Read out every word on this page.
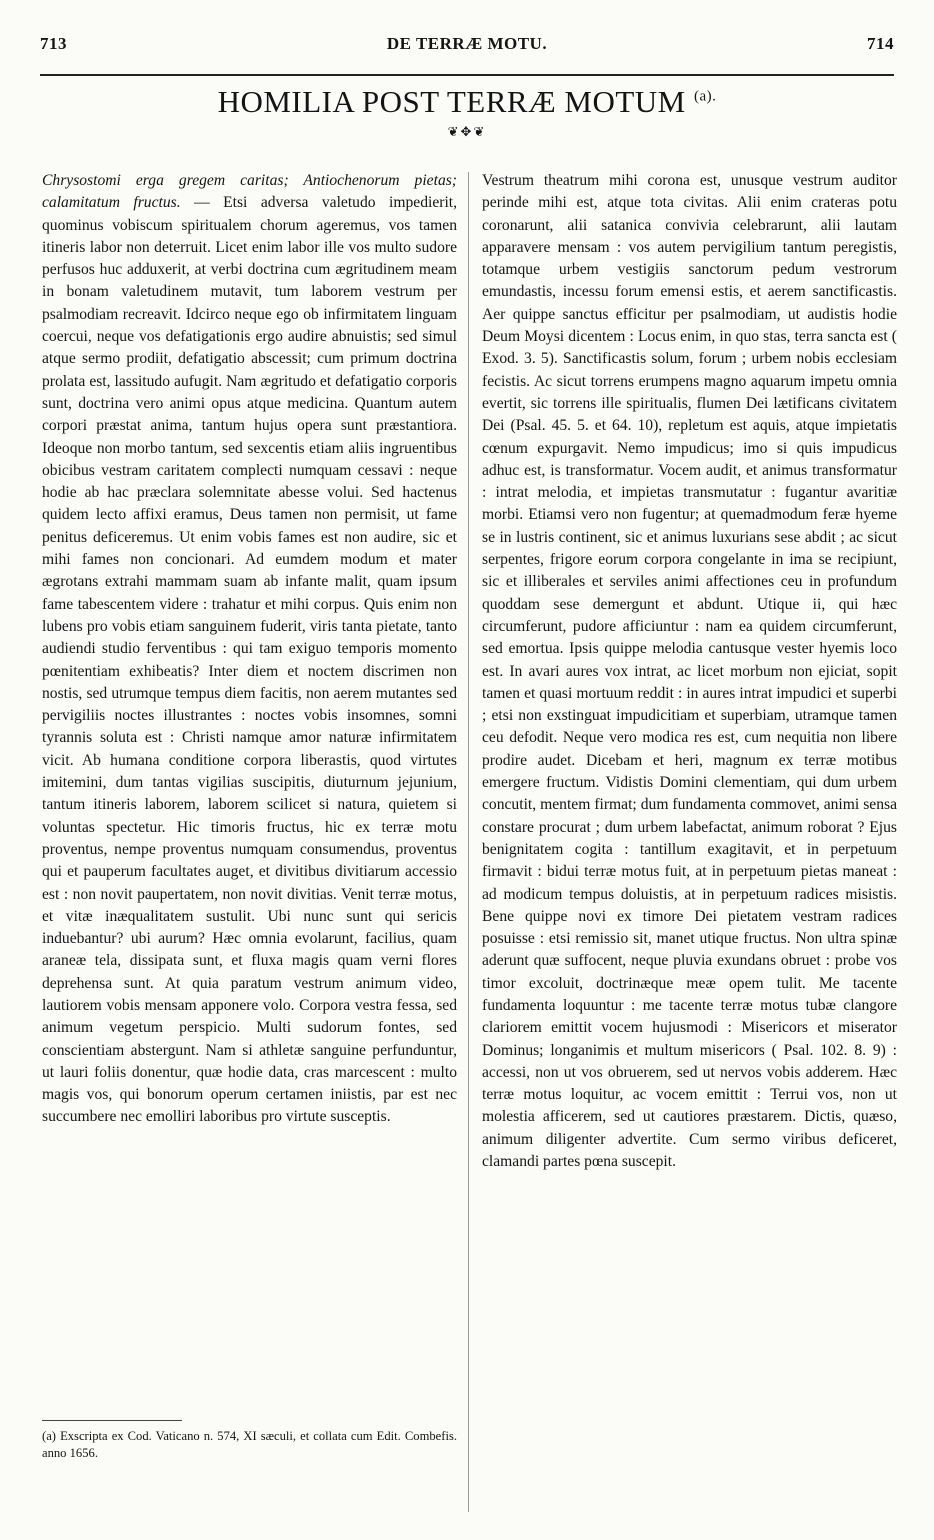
713	DE TERRÆ MOTU.	714
HOMILIA POST TERRÆ MOTUM $^{(a).}$
❦✥❦

Chrysostomi erga gregem caritas; Antiochenorum pietas; calamitatum fructus. — Etsi adversa valetudo impedierit, quominus vobiscum spiritualem chorum ageremus, vos tamen itineris labor non deterruit. Licet enim labor ille vos multo sudore perfusos huc adduxerit, at verbi doctrina cum ægritudinem meam in bonam valetudinem mutavit, tum laborem vestrum per psalmodiam recreavit. Idcirco neque ego ob infirmitatem linguam coercui, neque vos defatigationis ergo audire abnuistis; sed simul atque sermo prodiit, defatigatio abscessit; cum primum doctrina prolata est, lassitudo aufugit. Nam ægritudo et defatigatio corporis sunt, doctrina vero animi opus atque medicina. Quantum autem corpori præstat anima, tantum hujus opera sunt præstantiora. Ideoque non morbo tantum, sed sexcentis etiam aliis ingruentibus obicibus vestram caritatem complecti numquam cessavi : neque hodie ab hac præclara solemnitate abesse volui. Sed hactenus quidem lecto affixi eramus, Deus tamen non permisit, ut fame penitus deficeremus. Ut enim vobis fames est non audire, sic et mihi fames non concionari. Ad eumdem modum et mater ægrotans extrahi mammam suam ab infante malit, quam ipsum fame tabescentem videre : trahatur et mihi corpus. Quis enim non lubens pro vobis etiam sanguinem fuderit, viris tanta pietate, tanto audiendi studio ferventibus : qui tam exiguo temporis momento pœnitentiam exhibeatis? Inter diem et noctem discrimen non nostis, sed utrumque tempus diem facitis, non aerem mutantes sed pervigiliis noctes illustrantes : noctes vobis insomnes, somni tyrannis soluta est : Christi namque amor naturæ infirmitatem vicit. Ab humana conditione corpora liberastis, quod virtutes imitemini, dum tantas vigilias suscipitis, diuturnum jejunium, tantum itineris laborem, laborem scilicet si natura, quietem si voluntas spectetur. Hic timoris fructus, hic ex terræ motu proventus, nempe proventus numquam consumendus, proventus qui et pauperum facultates auget, et divitibus divitiarum accessio est : non novit paupertatem, non novit divitias. Venit terræ motus, et vitæ inæqualitatem sustulit. Ubi nunc sunt qui sericis induebantur? ubi aurum? Hæc omnia evolarunt, facilius, quam araneæ tela, dissipata sunt, et fluxa magis quam verni flores deprehensa sunt. At quia paratum vestrum animum video, lautiorem vobis mensam apponere volo. Corpora vestra fessa, sed animum vegetum perspicio. Multi sudorum fontes, sed conscientiam abstergunt. Nam si athletæ sanguine perfunduntur, ut lauri foliis donentur, quæ hodie data, cras marcescent : multo magis vos, qui bonorum operum certamen iniistis, par est nec succumbere nec emolliri laboribus pro virtute susceptis.

Vestrum theatrum mihi corona est, unusque vestrum auditor perinde mihi est, atque tota civitas. Alii enim crateras potu coronarunt, alii satanica convivia celebrarunt, alii lautam apparavere mensam : vos autem pervigilium tantum peregistis, totamque urbem vestigiis sanctorum pedum vestrorum emundastis, incessu forum emensi estis, et aerem sanctificastis. Aer quippe sanctus efficitur per psalmodiam, ut audistis hodie Deum Moysi dicentem : Locus enim, in quo stas, terra sancta est ( Exod. 3. 5). Sanctificastis solum, forum ; urbem nobis ecclesiam fecistis. Ac sicut torrens erumpens magno aquarum impetu omnia evertit, sic torrens ille spiritualis, flumen Dei lætificans civitatem Dei (Psal. 45. 5. et 64. 10), repletum est aquis, atque impietatis cœnum expurgavit. Nemo impudicus; imo si quis impudicus adhuc est, is transformatur. Vocem audit, et animus transformatur : intrat melodia, et impietas transmutatur : fugantur avaritiæ morbi. Etiamsi vero non fugentur; at quemadmodum feræ hyeme se in lustris continent, sic et animus luxurians sese abdit ; ac sicut serpentes, frigore eorum corpora congelante in ima se recipiunt, sic et illiberales et serviles animi affectiones ceu in profundum quoddam sese demergunt et abdunt. Utique ii, qui hæc circumferunt, pudore afficiuntur : nam ea quidem circumferunt, sed emortua. Ipsis quippe melodia cantusque vester hyemis loco est. In avari aures vox intrat, ac licet morbum non ejiciat, sopit tamen et quasi mortuum reddit : in aures intrat impudici et superbi ; etsi non exstinguat impudicitiam et superbiam, utramque tamen ceu defodit. Neque vero modica res est, cum nequitia non libere prodire audet. Dicebam et heri, magnum ex terræ motibus emergere fructum. Vidistis Domini clementiam, qui dum urbem concutit, mentem firmat; dum fundamenta commovet, animi sensa constare procurat ; dum urbem labefactat, animum roborat ? Ejus benignitatem cogita : tantillum exagitavit, et in perpetuum firmavit : bidui terræ motus fuit, at in perpetuum pietas maneat : ad modicum tempus doluistis, at in perpetuum radices misistis. Bene quippe novi ex timore Dei pietatem vestram radices posuisse : etsi remissio sit, manet utique fructus. Non ultra spinæ aderunt quæ suffocent, neque pluvia exundans obruet : probe vos timor excoluit, doctrinæque meæ opem tulit. Me tacente fundamenta loquuntur : me tacente terræ motus tubæ clangore clariorem emittit vocem hujusmodi : Misericors et miserator Dominus; longanimis et multum misericors ( Psal. 102. 8. 9) : accessi, non ut vos obruerem, sed ut nervos vobis adderem. Hæc terræ motus loquitur, ac vocem emittit : Terrui vos, non ut molestia afficerem, sed ut cautiores præstarem. Dictis, quæso, animum diligenter advertite. Cum sermo viribus deficeret, clamandi partes pœna suscepit.

(a) Exscripta ex Cod. Vaticano n. 574, XI sæculi, et collata cum Edit. Combefis. anno 1656.
